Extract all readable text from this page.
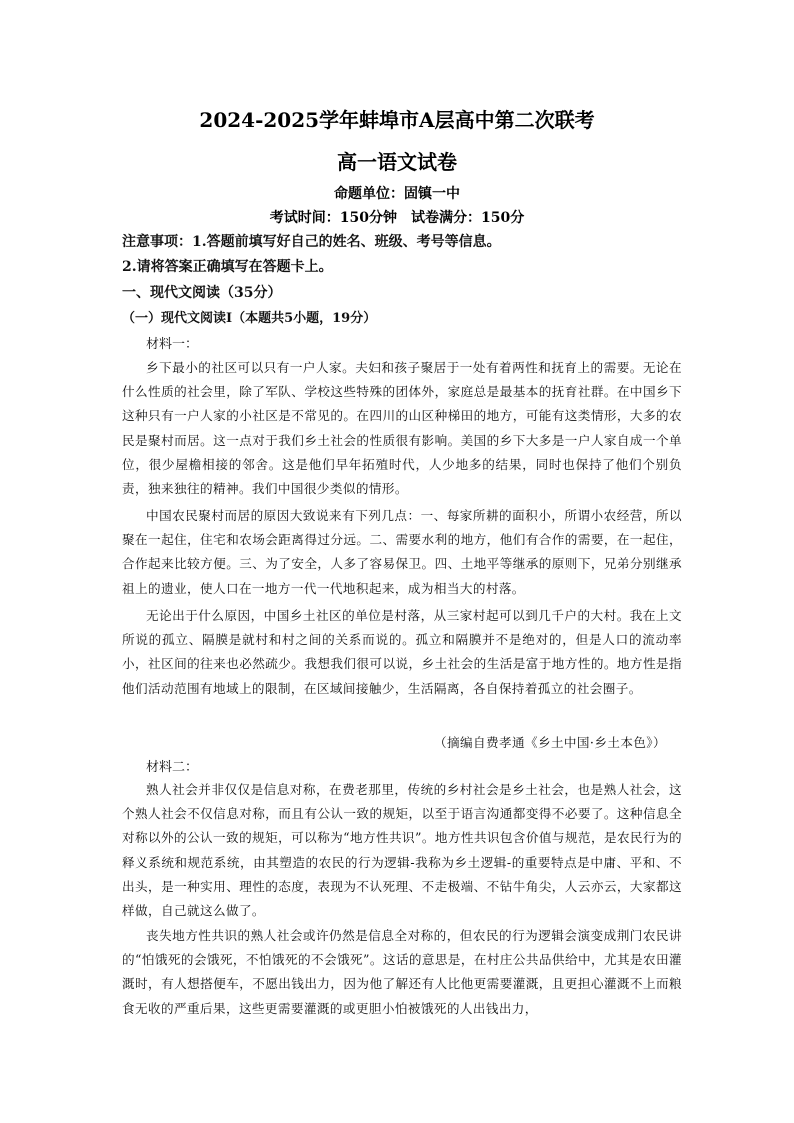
2024-2025学年蚌埠市A层高中第二次联考
高一语文试卷
命题单位：固镇一中
考试时间：150分钟　试卷满分：150分
注意事项：1.答题前填写好自己的姓名、班级、考号等信息。
2.请将答案正确填写在答题卡上。
一、现代文阅读（35分）
（一）现代文阅读Ⅰ（本题共5小题，19分）
材料一：
乡下最小的社区可以只有一户人家。夫妇和孩子聚居于一处有着两性和抚育上的需要。无论在什么性质的社会里，除了军队、学校这些特殊的团体外，家庭总是最基本的抚育社群。在中国乡下这种只有一户人家的小社区是不常见的。在四川的山区种梯田的地方，可能有这类情形，大多的农民是聚村而居。这一点对于我们乡土社会的性质很有影响。美国的乡下大多是一户人家自成一个单位，很少屋檐相接的邻舍。这是他们早年拓殖时代，人少地多的结果，同时也保持了他们个别负责，独来独往的精神。我们中国很少类似的情形。
中国农民聚村而居的原因大致说来有下列几点：一、每家所耕的面积小，所谓小农经营，所以聚在一起住，住宅和农场会距离得过分远。二、需要水利的地方，他们有合作的需要，在一起住，合作起来比较方便。三、为了安全，人多了容易保卫。四、土地平等继承的原则下，兄弟分别继承祖上的遗业，使人口在一地方一代一代地积起来，成为相当大的村落。
无论出于什么原因，中国乡土社区的单位是村落，从三家村起可以到几千户的大村。我在上文所说的孤立、隔膜是就村和村之间的关系而说的。孤立和隔膜并不是绝对的，但是人口的流动率小，社区间的往来也必然疏少。我想我们很可以说，乡土社会的生活是富于地方性的。地方性是指他们活动范围有地域上的限制，在区域间接触少，生活隔离，各自保持着孤立的社会圈子。
（摘编自费孝通《乡土中国·乡土本色》）
材料二：
熟人社会并非仅仅是信息对称，在费老那里，传统的乡村社会是乡土社会，也是熟人社会，这个熟人社会不仅信息对称，而且有公认一致的规矩，以至于语言沟通都变得不必要了。这种信息全对称以外的公认一致的规矩，可以称为“地方性共识”。地方性共识包含价值与规范，是农民行为的释义系统和规范系统，由其塑造的农民的行为逻辑-我称为乡土逻辑-的重要特点是中庸、平和、不出头，是一种实用、理性的态度，表现为不认死理、不走极端、不钻牛角尖，人云亦云，大家都这样做，自己就这么做了。
丧失地方性共识的熟人社会或许仍然是信息全对称的，但农民的行为逻辑会演变成荆门农民讲的“怕饿死的会饿死，不怕饿死的不会饿死”。这话的意思是，在村庄公共品供给中，尤其是农田灌溉时，有人想搭便车，不愿出钱出力，因为他了解还有人比他更需要灌溉，且更担心灌溉不上而粮食无收的严重后果，这些更需要灌溉的或更胆小怕被饿死的人出钱出力，
